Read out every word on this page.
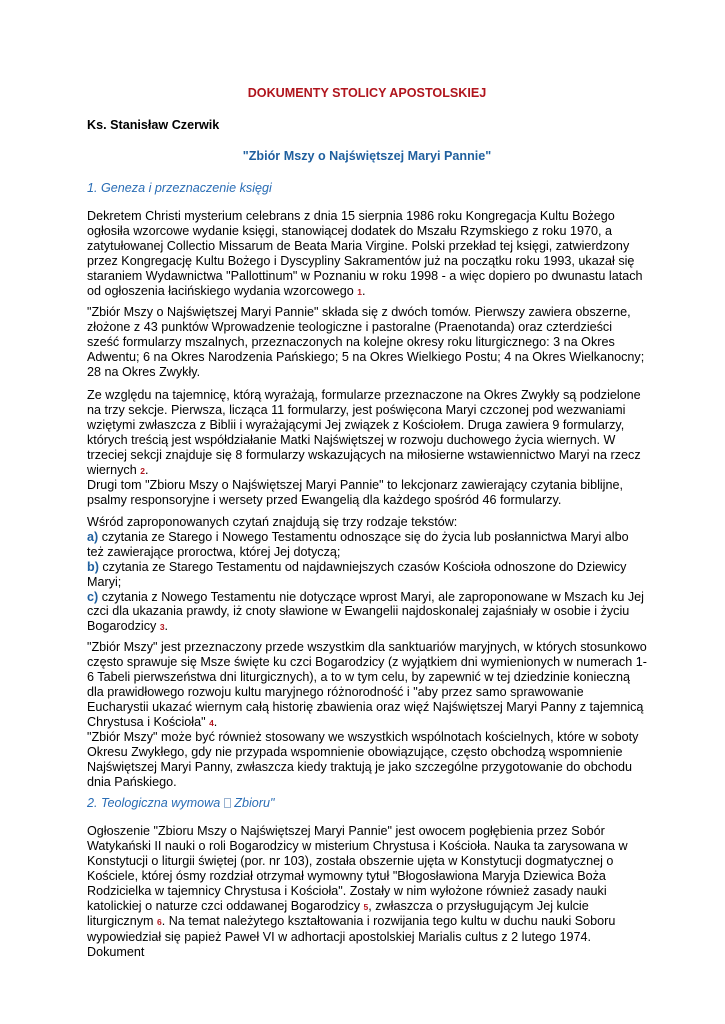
DOKUMENTY STOLICY APOSTOLSKIEJ
Ks. Stanisław Czerwik
"Zbiór Mszy o Najświętszej Maryi Pannie"
1. Geneza i przeznaczenie księgi
Dekretem Christi mysterium celebrans z dnia 15 sierpnia 1986 roku Kongregacja Kultu Bożego ogłosiła wzorcowe wydanie księgi, stanowiącej dodatek do Mszału Rzymskiego z roku 1970, a zatytułowanej Collectio Missarum de Beata Maria Virgine. Polski przekład tej księgi, zatwierdzony przez Kongregację Kultu Bożego i Dyscypliny Sakramentów już na początku roku 1993, ukazał się staraniem Wydawnictwa "Pallottinum" w Poznaniu w roku 1998 - a więc dopiero po dwunastu latach od ogłoszenia łacińskiego wydania wzorcowego 1.
"Zbiór Mszy o Najświętszej Maryi Pannie" składa się z dwóch tomów. Pierwszy zawiera obszerne, złożone z 43 punktów Wprowadzenie teologiczne i pastoralne (Praenotanda) oraz czterdzieści sześć formularzy mszalnych, przeznaczonych na kolejne okresy roku liturgicznego: 3 na Okres Adwentu; 6 na Okres Narodzenia Pańskiego; 5 na Okres Wielkiego Postu; 4 na Okres Wielkanocny; 28 na Okres Zwykły.
Ze względu na tajemnicę, którą wyrażają, formularze przeznaczone na Okres Zwykły są podzielone na trzy sekcje. Pierwsza, licząca 11 formularzy, jest poświęcona Maryi czczonej pod wezwaniami wziętymi zwłaszcza z Biblii i wyrażającymi Jej związek z Kościołem. Druga zawiera 9 formularzy, których treścią jest współdziałanie Matki Najświętszej w rozwoju duchowego życia wiernych. W trzeciej sekcji znajduje się 8 formularzy wskazujących na miłosierne wstawiennictwo Maryi na rzecz wiernych 2.
Drugi tom "Zbioru Mszy o Najświętszej Maryi Pannie" to lekcjonarz zawierający czytania biblijne, psalmy responsoryjne i wersety przed Ewangelią dla każdego spośród 46 formularzy.
Wśród zaproponowanych czytań znajdują się trzy rodzaje tekstów:
a) czytania ze Starego i Nowego Testamentu odnoszące się do życia lub posłannictwa Maryi albo też zawierające proroctwa, której Jej dotyczą;
b) czytania ze Starego Testamentu od najdawniejszych czasów Kościoła odnoszone do Dziewicy Maryi;
c) czytania z Nowego Testamentu nie dotyczące wprost Maryi, ale zaproponowane w Mszach ku Jej czci dla ukazania prawdy, iż cnoty sławione w Ewangelii najdoskonalej zajaśniały w osobie i życiu Bogarodzicy 3.
"Zbiór Mszy" jest przeznaczony przede wszystkim dla sanktuariów maryjnych, w których stosunkowo często sprawuje się Msze święte ku czci Bogarodzicy (z wyjątkiem dni wymienionych w numerach 1-6 Tabeli pierwszeństwa dni liturgicznych), a to w tym celu, by zapewnić w tej dziedzinie konieczną dla prawidłowego rozwoju kultu maryjnego różnorodność i "aby przez samo sprawowanie Eucharystii ukazać wiernym całą historię zbawienia oraz więź Najświętszej Maryi Panny z tajemnicą Chrystusa i Kościoła" 4.
"Zbiór Mszy" może być również stosowany we wszystkich wspólnotach kościelnych, które w soboty Okresu Zwykłego, gdy nie przypada wspomnienie obowiązujące, często obchodzą wspomnienie Najświętszej Maryi Panny, zwłaszcza kiedy traktują je jako szczególne przygotowanie do obchodu dnia Pańskiego.
2. Teologiczna wymowa  Zbioru"
Ogłoszenie "Zbioru Mszy o Najświętszej Maryi Pannie" jest owocem pogłębienia przez Sobór Watykański II nauki o roli Bogarodzicy w misterium Chrystusa i Kościoła. Nauka ta zarysowana w Konstytucji o liturgii świętej (por. nr 103), została obszernie ujęta w Konstytucji dogmatycznej o Kościele, której ósmy rozdział otrzymał wymowny tytuł "Błogosławiona Maryja Dziewica Boża Rodzicielka w tajemnicy Chrystusa i Kościoła". Zostały w nim wyłożone również zasady nauki katolickiej o naturze czci oddawanej Bogarodzicy 5, zwłaszcza o przysługującym Jej kulcie liturgicznym 6. Na temat należytego kształtowania i rozwijania tego kultu w duchu nauki Soboru wypowiedział się papież Paweł VI w adhortacji apostolskiej Marialis cultus z 2 lutego 1974. Dokument
